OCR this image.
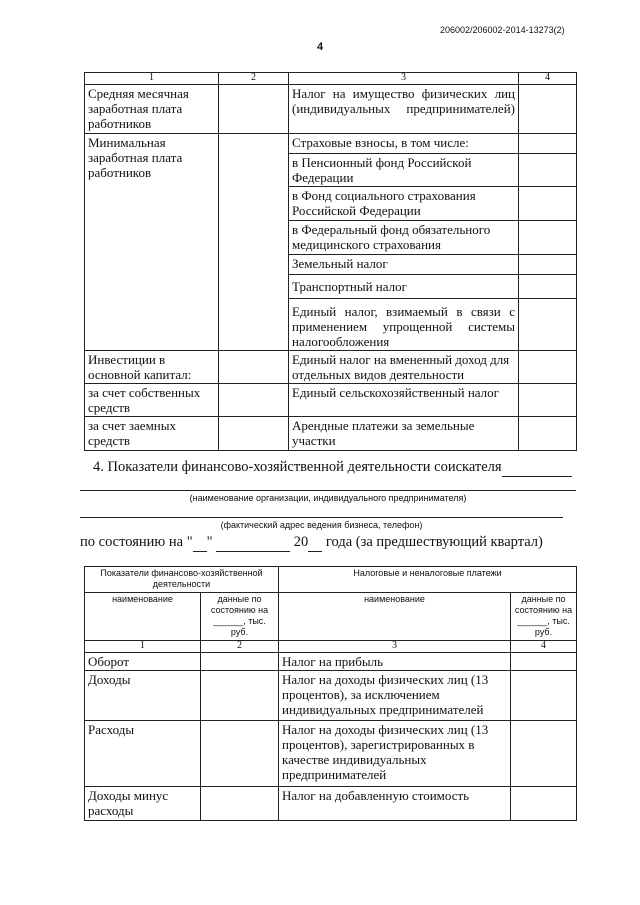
206002/206002-2014-13273(2)
4
1	2	3	4
Средняя месячная заработная плата работников		Налог на имущество физических лиц (индивидуальных предпринимателей)	
Минимальная заработная плата работников		Страховые взносы, в том числе:	
		в Пенсионный фонд Российской Федерации	
		в Фонд социального страхования Российской Федерации	
		в Федеральный фонд обязательного медицинского страхования	
		Земельный налог	
		Транспортный налог	
		Единый налог, взимаемый в связи с применением упрощенной системы налогообложения	
Инвестиции в основной капитал:		Единый налог на вмененный доход для отдельных видов деятельности	
за счет собственных средств		Единый сельскохозяйственный налог	
за счет заемных средств		Арендные платежи за земельные участки	
4. Показатели финансово-хозяйственной деятельности соискателя
(наименование организации, индивидуального предпринимателя)
(фактический адрес ведения бизнеса, телефон)
по состоянию на " "	20 года (за предшествующий квартал)
Показатели финансово-хозяйственной деятельности		Налоговые и неналоговые платежи	
наименование	данные по состоянию на ______, тыс. руб.	наименование	данные по состоянию на ______, тыс. руб.
1	2	3	4
Оборот		Налог на прибыль	
Доходы		Налог на доходы физических лиц (13 процентов), за исключением индивидуальных предпринимателей	
Расходы		Налог на доходы физических лиц (13 процентов), зарегистрированных в качестве индивидуальных предпринимателей	
Доходы минус расходы		Налог на добавленную стоимость	
